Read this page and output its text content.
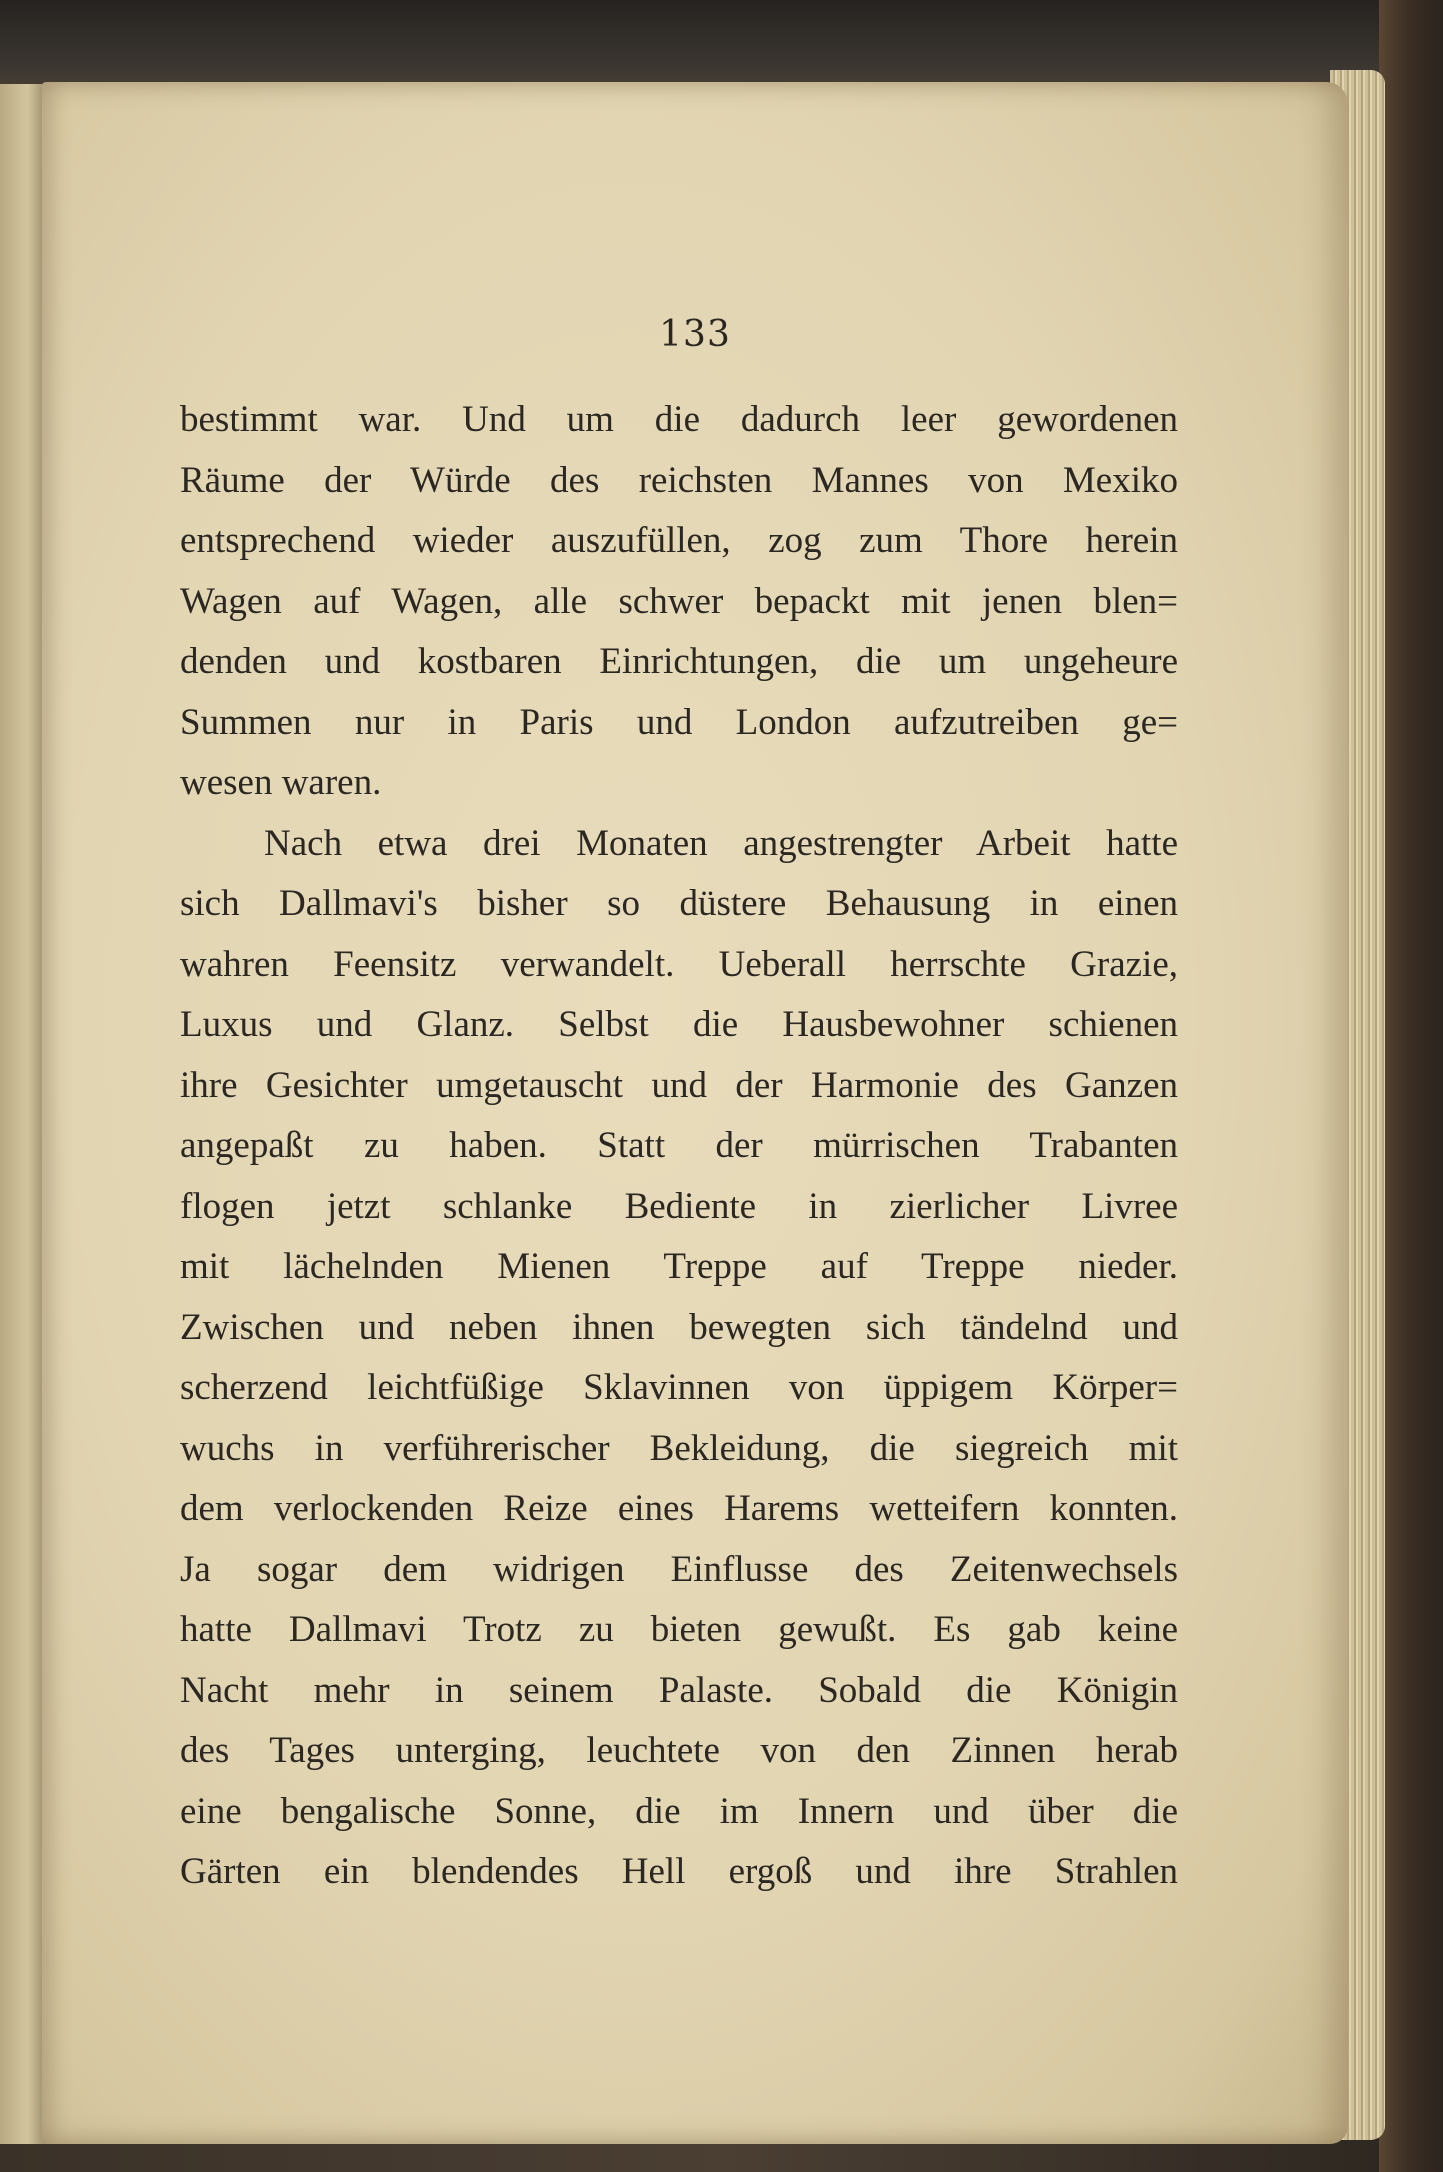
133
bestimmt war. Und um die dadurch leer gewordenen
Räume der Würde des reichsten Mannes von Mexiko
entsprechend wieder auszufüllen, zog zum Thore herein
Wagen auf Wagen, alle schwer bepackt mit jenen blen=
denden und kostbaren Einrichtungen, die um ungeheure
Summen nur in Paris und London aufzutreiben ge=
wesen waren.
Nach etwa drei Monaten angestrengter Arbeit hatte
sich Dallmavi's bisher so düstere Behausung in einen
wahren Feensitz verwandelt. Ueberall herrschte Grazie,
Luxus und Glanz. Selbst die Hausbewohner schienen
ihre Gesichter umgetauscht und der Harmonie des Ganzen
angepaßt zu haben. Statt der mürrischen Trabanten
flogen jetzt schlanke Bediente in zierlicher Livree
mit lächelnden Mienen Treppe auf Treppe nieder.
Zwischen und neben ihnen bewegten sich tändelnd und
scherzend leichtfüßige Sklavinnen von üppigem Körper=
wuchs in verführerischer Bekleidung, die siegreich mit
dem verlockenden Reize eines Harems wetteifern konnten.
Ja sogar dem widrigen Einflusse des Zeitenwechsels
hatte Dallmavi Trotz zu bieten gewußt. Es gab keine
Nacht mehr in seinem Palaste. Sobald die Königin
des Tages unterging, leuchtete von den Zinnen herab
eine bengalische Sonne, die im Innern und über die
Gärten ein blendendes Hell ergoß und ihre Strahlen
